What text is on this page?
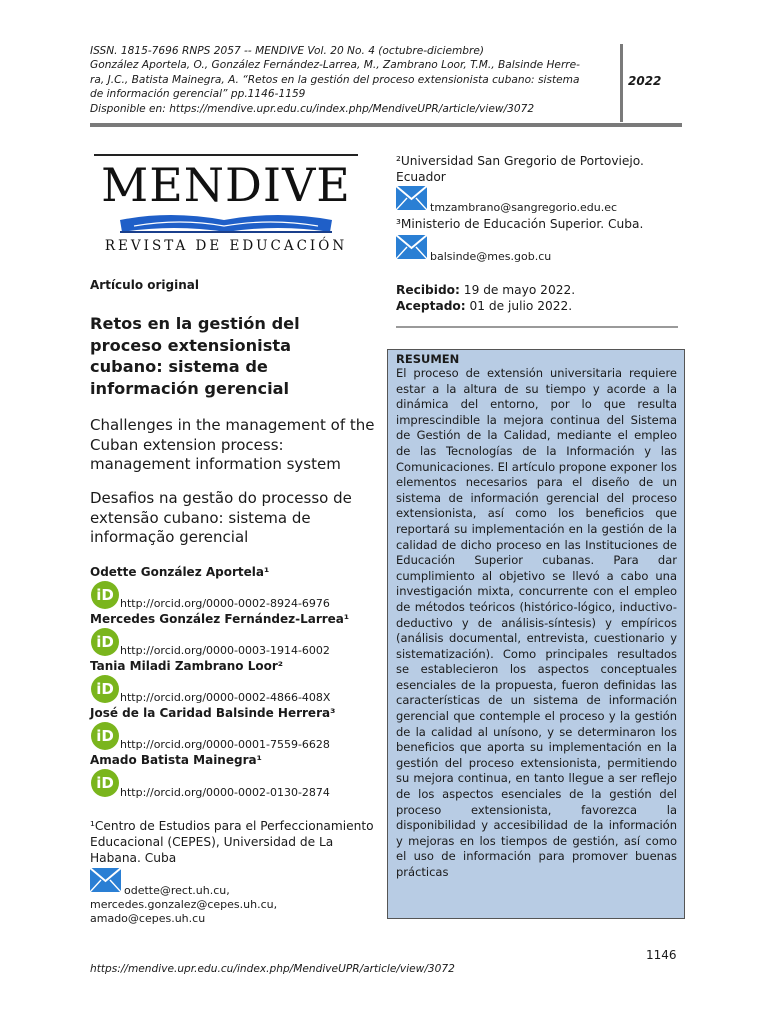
ISSN. 1815-7696 RNPS 2057 -- MENDIVE Vol. 20 No. 4 (octubre-diciembre)
González Aportela, O., González Fernández-Larrea, M., Zambrano Loor, T.M., Balsinde Herre-
ra, J.C., Batista Mainegra, A. “Retos en la gestión del proceso extensionista cubano: sistema
de información gerencial” pp.1146-1159
Disponible en: https://mendive.upr.edu.cu/index.php/MendiveUPR/article/view/3072
2022
MENDIVE
REVISTA DE EDUCACIÓN
Artículo original
Retos en la gestión del proceso extensionista cubano: sistema de información gerencial
Challenges in the management of the Cuban extension process: management information system
Desafios na gestão do processo de extensão cubano: sistema de informação gerencial
Odette González Aportela¹
iD http://orcid.org/0000-0002-8924-6976
Mercedes González Fernández-Larrea¹
iD http://orcid.org/0000-0003-1914-6002
Tania Miladi Zambrano Loor²
iD http://orcid.org/0000-0002-4866-408X
José de la Caridad Balsinde Herrera³
iD http://orcid.org/0000-0001-7559-6628
Amado Batista Mainegra¹
iD
http://orcid.org/0000-0002-0130-2874
¹Centro de Estudios para el Perfeccionamiento Educacional (CEPES), Universidad de La Habana. Cuba
odette@rect.uh.cu,
mercedes.gonzalez@cepes.uh.cu,
amado@cepes.uh.cu
²Universidad San Gregorio de Portoviejo.
Ecuador
tmzambrano@sangregorio.edu.ec
³Ministerio de Educación Superior. Cuba.
balsinde@mes.gob.cu
Recibido: 19 de mayo 2022.
Aceptado: 01 de julio 2022.
RESUMEN

El proceso de extensión universitaria requiere estar a la altura de su tiempo y acorde a la dinámica del entorno, por lo que resulta imprescindible la mejora continua del Sistema de Gestión de la Calidad, mediante el empleo de las Tecnologías de la Información y las Comunicaciones. El artículo propone exponer los elementos necesarios para el diseño de un sistema de información gerencial del proceso extensionista, así como los beneficios que reportará su implementación en la gestión de la calidad de dicho proceso en las Instituciones de Educación Superior cubanas. Para dar cumplimiento al objetivo se llevó a cabo una investigación mixta, concurrente con el empleo de métodos teóricos (histórico-lógico, inductivo-deductivo y de análisis-síntesis) y empíricos (análisis documental, entrevista, cuestionario y sistematización). Como principales resultados se establecieron los aspectos conceptuales esenciales de la propuesta, fueron definidas las características de un sistema de información gerencial que contemple el proceso y la gestión de la calidad al unísono, y se determinaron los beneficios que aporta su implementación en la gestión del proceso extensionista, permitiendo su mejora continua, en tanto llegue a ser reflejo de los aspectos esenciales de la gestión del proceso extensionista, favorezca la disponibilidad y accesibilidad de la información y mejoras en los tiempos de gestión, así como el uso de información para promover buenas prácticas

1146
https://mendive.upr.edu.cu/index.php/MendiveUPR/article/view/3072
